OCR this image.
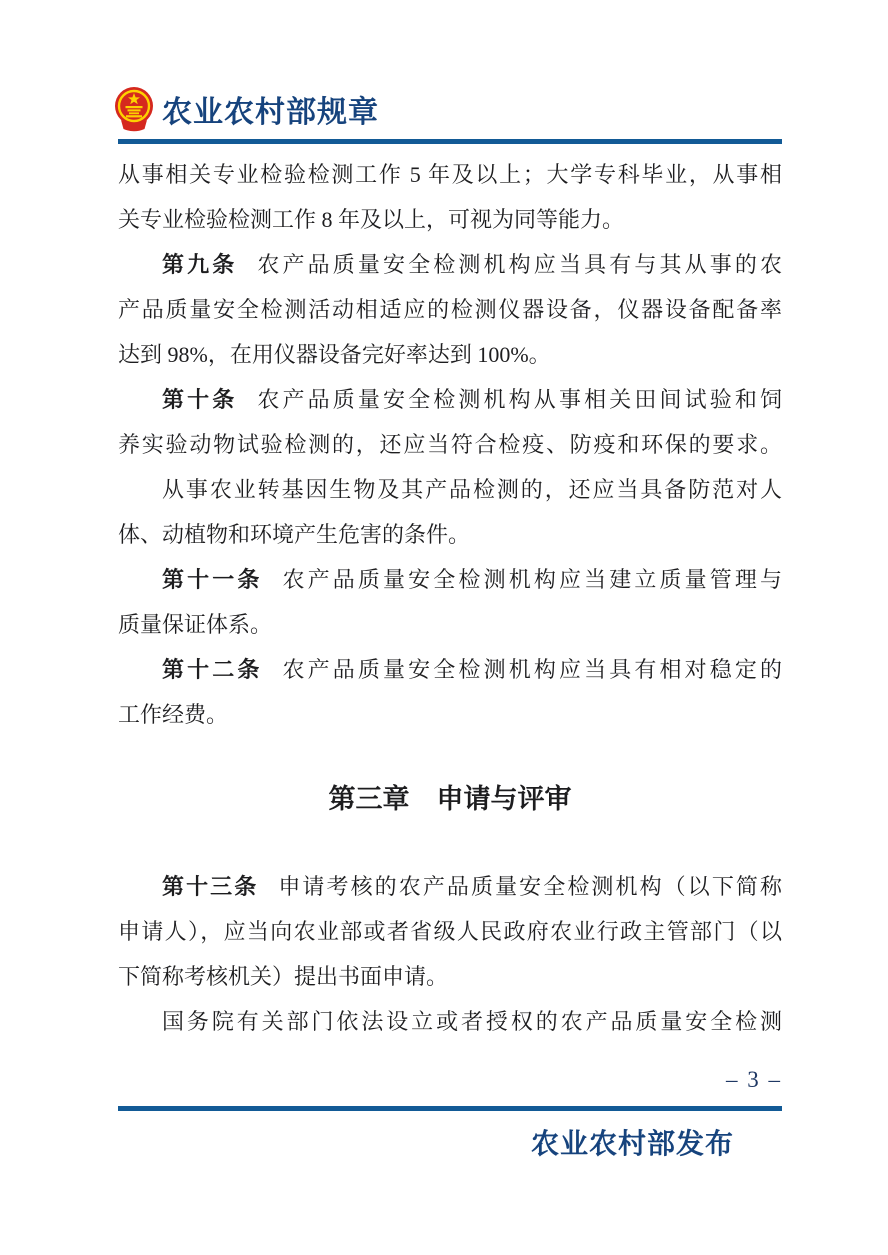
农业农村部规章
从事相关专业检验检测工作 5 年及以上；大学专科毕业，从事相
关专业检验检测工作 8 年及以上，可视为同等能力。
第九条 农产品质量安全检测机构应当具有与其从事的农
产品质量安全检测活动相适应的检测仪器设备，仪器设备配备率
达到 98%，在用仪器设备完好率达到 100%。
第十条 农产品质量安全检测机构从事相关田间试验和饲
养实验动物试验检测的，还应当符合检疫、防疫和环保的要求。
从事农业转基因生物及其产品检测的，还应当具备防范对人
体、动植物和环境产生危害的条件。
第十一条 农产品质量安全检测机构应当建立质量管理与
质量保证体系。
第十二条 农产品质量安全检测机构应当具有相对稳定的
工作经费。
第三章　申请与评审
第十三条 申请考核的农产品质量安全检测机构（以下简称
申请人），应当向农业部或者省级人民政府农业行政主管部门（以
下简称考核机关）提出书面申请。
国务院有关部门依法设立或者授权的农产品质量安全检测
– 3 –
农业农村部发布
